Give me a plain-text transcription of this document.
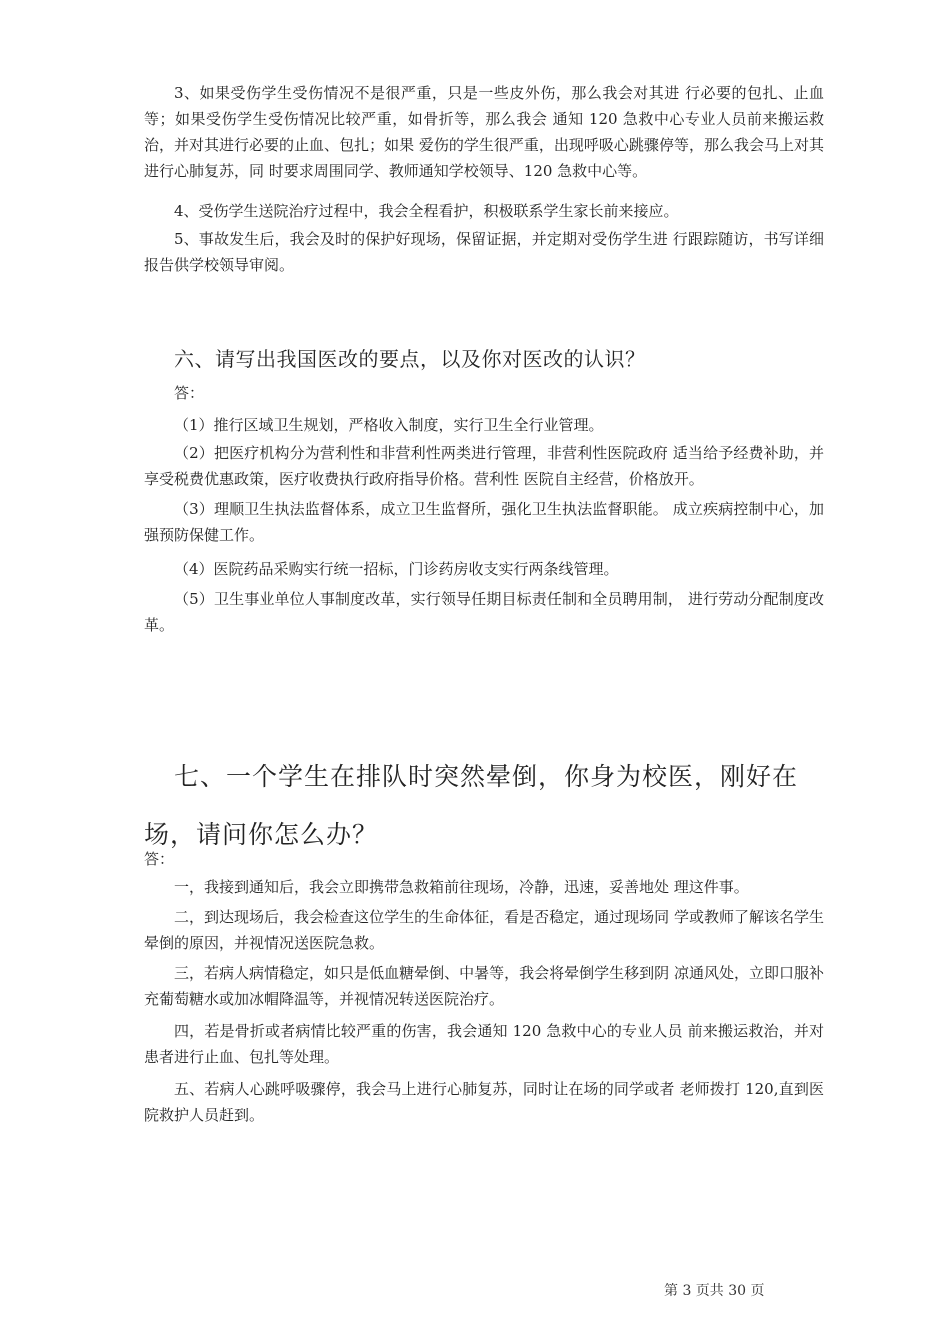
3、如果受伤学生受伤情况不是很严重，只是一些皮外伤，那么我会对其进 行必要的包扎、止血等；如果受伤学生受伤情况比较严重，如骨折等，那么我会 通知 120 急救中心专业人员前来搬运救治，并对其进行必要的止血、包扎；如果 爱伤的学生很严重，出现呼吸心跳骤停等，那么我会马上对其进行心肺复苏，同 时要求周围同学、教师通知学校领导、120 急救中心等。

4、受伤学生送院治疗过程中，我会全程看护，积极联系学生家长前来接应。

5、事故发生后，我会及时的保护好现场，保留证据，并定期对受伤学生进 行跟踪随访，书写详细报告供学校领导审阅。

六、请写出我国医改的要点，以及你对医改的认识？

答：

（1）推行区域卫生规划，严格收入制度，实行卫生全行业管理。

（2）把医疗机构分为营利性和非营利性两类进行管理，非营利性医院政府 适当给予经费补助，并享受税费优惠政策，医疗收费执行政府指导价格。营利性 医院自主经营，价格放开。

（3）理顺卫生执法监督体系，成立卫生监督所，强化卫生执法监督职能。 成立疾病控制中心，加强预防保健工作。

（4）医院药品采购实行统一招标，门诊药房收支实行两条线管理。

（5）卫生事业单位人事制度改革，实行领导任期目标责任制和全员聘用制， 进行劳动分配制度改革。

七、一个学生在排队时突然晕倒，你身为校医，刚好在场，请问你怎么办？

答：

一，我接到通知后，我会立即携带急救箱前往现场，冷静，迅速，妥善地处 理这件事。

二，到达现场后，我会检查这位学生的生命体征，看是否稳定，通过现场同 学或教师了解该名学生晕倒的原因，并视情况送医院急救。

三，若病人病情稳定，如只是低血糖晕倒、中暑等，我会将晕倒学生移到阴 凉通风处，立即口服补充葡萄糖水或加冰帽降温等，并视情况转送医院治疗。

四，若是骨折或者病情比较严重的伤害，我会通知 120 急救中心的专业人员 前来搬运救治，并对患者进行止血、包扎等处理。

五、若病人心跳呼吸骤停，我会马上进行心肺复苏，同时让在场的同学或者 老师拨打 120,直到医院救护人员赶到。

第 3 页共 30 页
